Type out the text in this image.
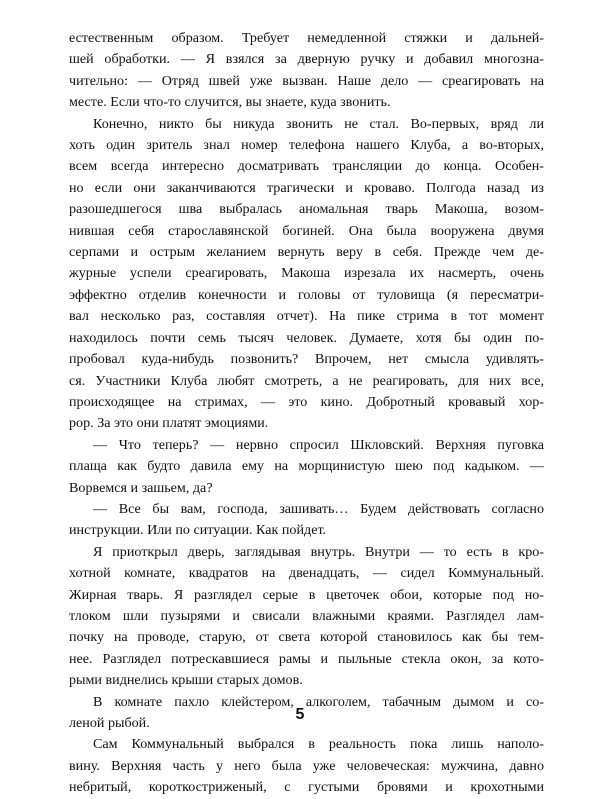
естественным образом. Требует немедленной стяжки и дальней-
шей обработки. — Я взялся за дверную ручку и добавил многозна-
чительно: — Отряд швей уже вызван. Наше дело — среагировать на
месте. Если что-то случится, вы знаете, куда звонить.
Конечно, никто бы никуда звонить не стал. Во-первых, вряд ли
хоть один зритель знал номер телефона нашего Клуба, а во-вторых,
всем всегда интересно досматривать трансляции до конца. Особен-
но если они заканчиваются трагически и кроваво. Полгода назад из
разошедшегося шва выбралась аномальная тварь Макоша, возом-
нившая себя старославянской богиней. Она была вооружена двумя
серпами и острым желанием вернуть веру в себя. Прежде чем де-
журные успели среагировать, Макоша изрезала их насмерть, очень
эффектно отделив конечности и головы от туловища (я пересматри-
вал несколько раз, составляя отчет). На пике стрима в тот момент
находилось почти семь тысяч человек. Думаете, хотя бы один по-
пробовал куда-нибудь позвонить? Впрочем, нет смысла удивлять-
ся. Участники Клуба любят смотреть, а не реагировать, для них все,
происходящее на стримах, — это кино. Добротный кровавый хор-
рор. За это они платят эмоциями.
— Что теперь? — нервно спросил Шкловский. Верхняя пуговка
плаща как будто давила ему на морщинистую шею под кадыком. —
Ворвемся и зашьем, да?
— Все бы вам, господа, зашивать… Будем действовать согласно
инструкции. Или по ситуации. Как пойдет.
Я приоткрыл дверь, заглядывая внутрь. Внутри — то есть в кро-
хотной комнате, квадратов на двенадцать, — сидел Коммунальный.
Жирная тварь. Я разглядел серые в цветочек обои, которые под но-
тлоком шли пузырями и свисали влажными краями. Разглядел лам-
почку на проводе, старую, от света которой становилось как бы тем-
нее. Разглядел потрескавшиеся рамы и пыльные стекла окон, за кото-
рыми виднелись крыши старых домов.
В комнате пахло клейстером, алкоголем, табачным дымом и со-
леной рыбой.
Сам Коммунальный выбрался в реальность пока лишь наполо-
вину. Верхняя часть у него была уже человеческая: мужчина, давно
небритый, короткостриженый, с густыми бровями и крохотными
5
